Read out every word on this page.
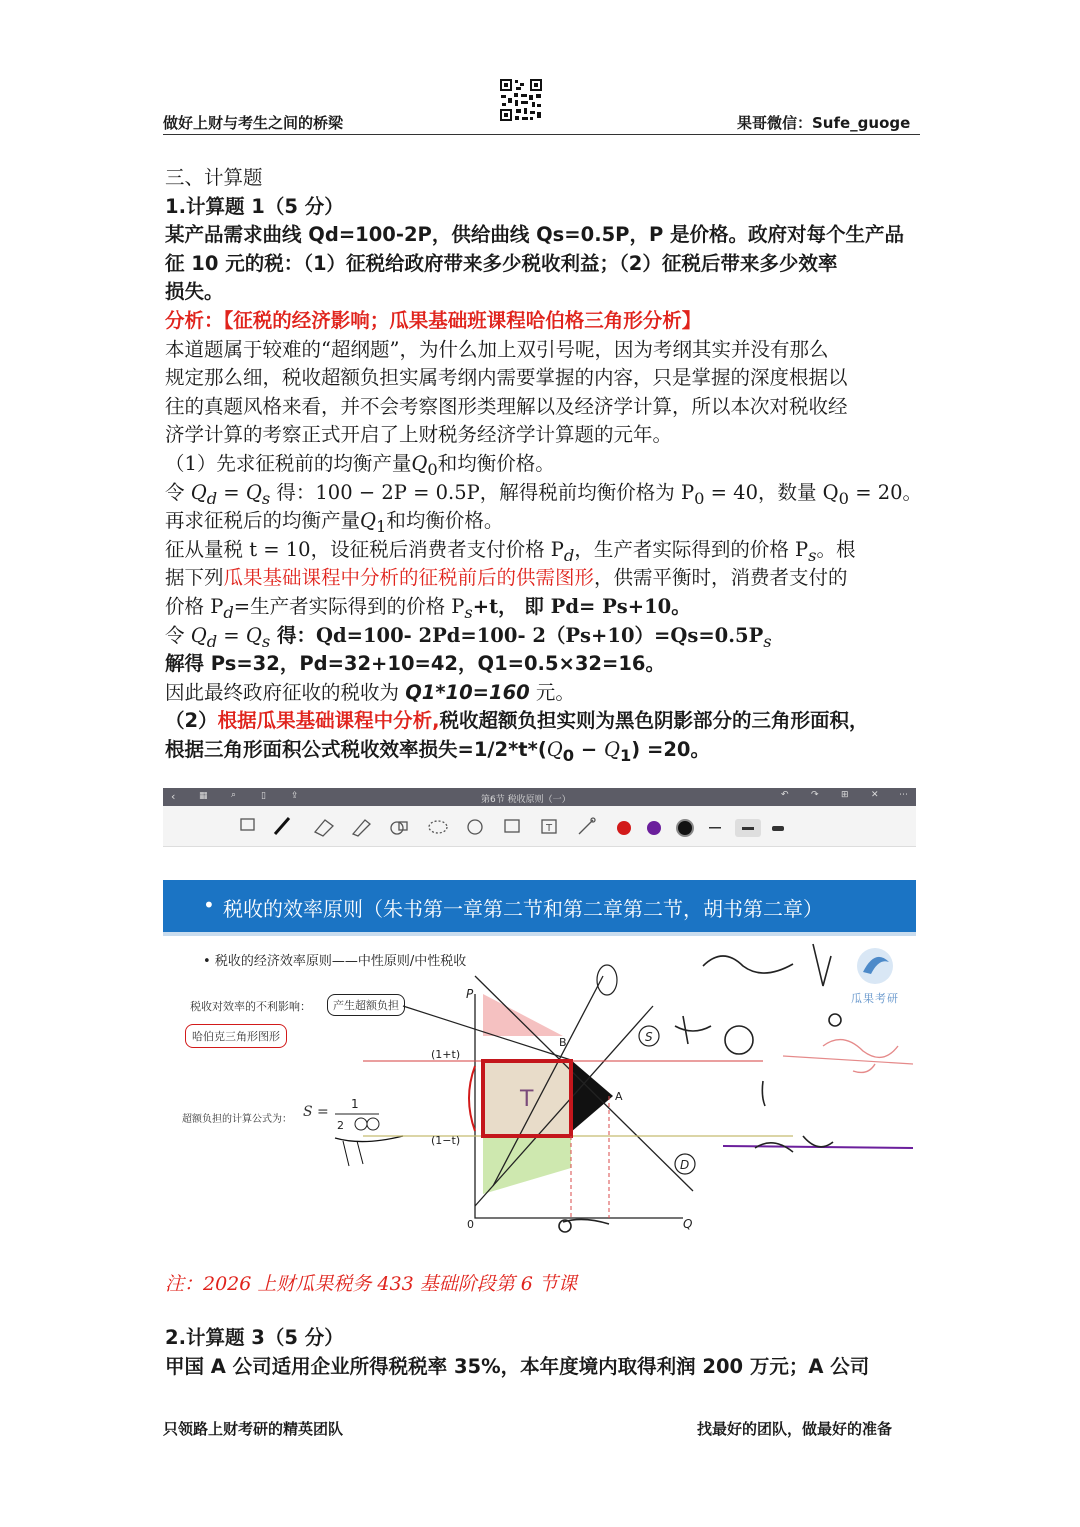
做好上财与考生之间的桥梁	果哥微信：Sufe_guoge
三、计算题
1.计算题 1（5 分）
某产品需求曲线 Qd=100-2P，供给曲线 Qs=0.5P，P 是价格。政府对每个生产品
征 10 元的税：（1）征税给政府带来多少税收利益；（2）征税后带来多少效率
损失。
分析：【征税的经济影响；瓜果基础班课程哈伯格三角形分析】
本道题属于较难的“超纲题”，为什么加上双引号呢，因为考纲其实并没有那么
规定那么细，税收超额负担实属考纲内需要掌握的内容，只是掌握的深度根据以
往的真题风格来看，并不会考察图形类理解以及经济学计算，所以本次对税收经
济学计算的考察正式开启了上财税务经济学计算题的元年。
（1）先求征税前的均衡产量$Q_0$和均衡价格。
令 $Q_d = Q_s$ 得：100 − 2P = 0.5P，解得税前均衡价格为 $P_0 = 40$，数量 $Q_0 = 20$。
再求征税后的均衡产量$Q_1$和均衡价格。
征从量税 t = 10，设征税后消费者支付价格 $P_d$，生产者实际得到的价格 $P_s$。根
据下列瓜果基础课程中分析的征税前后的供需图形，供需平衡时，消费者支付的
价格 $P_d=$生产者实际得到的价格 $P_s+t$， 即 Pd= Ps+10。
令 $Q_d = Q_s$ 得：Qd=100- 2Pd=100- $2(Ps+10)=Qs=0.5P_s$
解得 Ps=32，Pd=32+10=42，Q1=0.5×32=16。
因此最终政府征收的税收为 Q1*10=160 元。
（2）根据瓜果基础课程中分析,税收超额负担实则为黑色阴影部分的三角形面积，
根据三角形面积公式税收效率损失$=1/2*t*(Q_0 - Q_1) =20$。
‹	▦	⌕	▯	⇪	第6节 税收原则（一）	↶ ↷ ⊞ ✕ ⋯
T
• 税收的效率原则（朱书第一章第二节和第二章第二节，胡书第二章）
• 税收的经济效率原则——中性原则/中性税收
税收对效率的不利影响：	产生超额负担
哈伯克三角形图形
超额负担的计算公式为： S =
瓜果考研
1
2
P
Q
0
B
A
T
S
D
(1+t)
(1−t)
注：2026 上财瓜果税务 433 基础阶段第 6 节课
2.计算题 3（5 分）
甲国 A 公司适用企业所得税税率 35%，本年度境内取得利润 200 万元；A 公司
只领路上财考研的精英团队	找最好的团队，做最好的准备
